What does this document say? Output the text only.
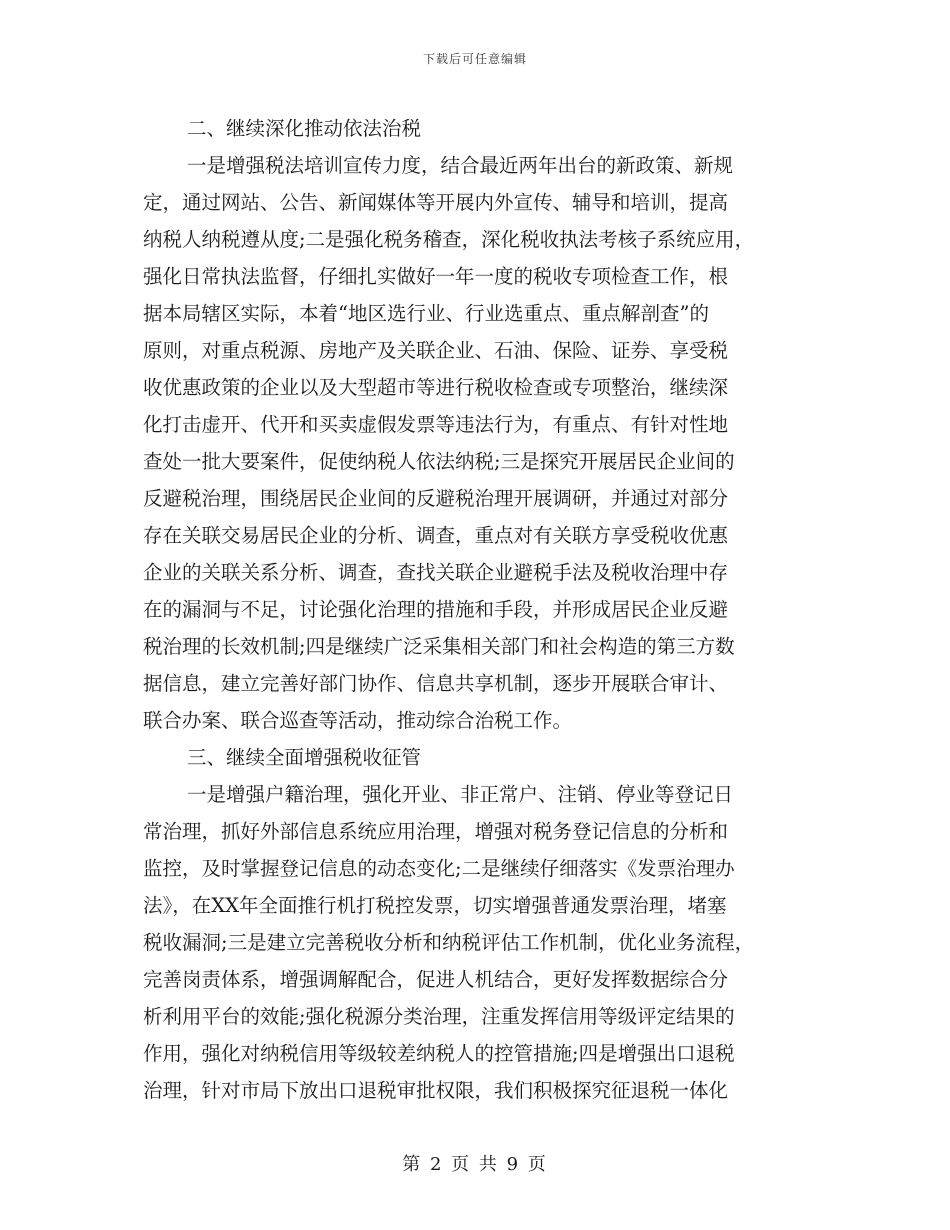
下载后可任意编辑
二、继续深化推动依法治税
一是增强税法培训宣传力度，结合最近两年出台的新政策、新规
定，通过网站、公告、新闻媒体等开展内外宣传、辅导和培训，提高
纳税人纳税遵从度;二是强化税务稽查，深化税收执法考核子系统应用，
强化日常执法监督，仔细扎实做好一年一度的税收专项检查工作，根
据本局辖区实际，本着“地区选行业、行业选重点、重点解剖查”的
原则，对重点税源、房地产及关联企业、石油、保险、证券、享受税
收优惠政策的企业以及大型超市等进行税收检查或专项整治，继续深
化打击虚开、代开和买卖虚假发票等违法行为，有重点、有针对性地
查处一批大要案件，促使纳税人依法纳税;三是探究开展居民企业间的
反避税治理，围绕居民企业间的反避税治理开展调研，并通过对部分
存在关联交易居民企业的分析、调查，重点对有关联方享受税收优惠
企业的关联关系分析、调查，查找关联企业避税手法及税收治理中存
在的漏洞与不足，讨论强化治理的措施和手段，并形成居民企业反避
税治理的长效机制;四是继续广泛采集相关部门和社会构造的第三方数
据信息，建立完善好部门协作、信息共享机制，逐步开展联合审计、
联合办案、联合巡查等活动，推动综合治税工作。
三、继续全面增强税收征管
一是增强户籍治理，强化开业、非正常户、注销、停业等登记日
常治理，抓好外部信息系统应用治理，增强对税务登记信息的分析和
监控，及时掌握登记信息的动态变化;二是继续仔细落实《发票治理办
法》，在XX年全面推行机打税控发票，切实增强普通发票治理，堵塞
税收漏洞;三是建立完善税收分析和纳税评估工作机制，优化业务流程，
完善岗责体系，增强调解配合，促进人机结合，更好发挥数据综合分
析利用平台的效能;强化税源分类治理，注重发挥信用等级评定结果的
作用，强化对纳税信用等级较差纳税人的控管措施;四是增强出口退税
治理，针对市局下放出口退税审批权限，我们积极探究征退税一体化
第 2 页 共 9 页
